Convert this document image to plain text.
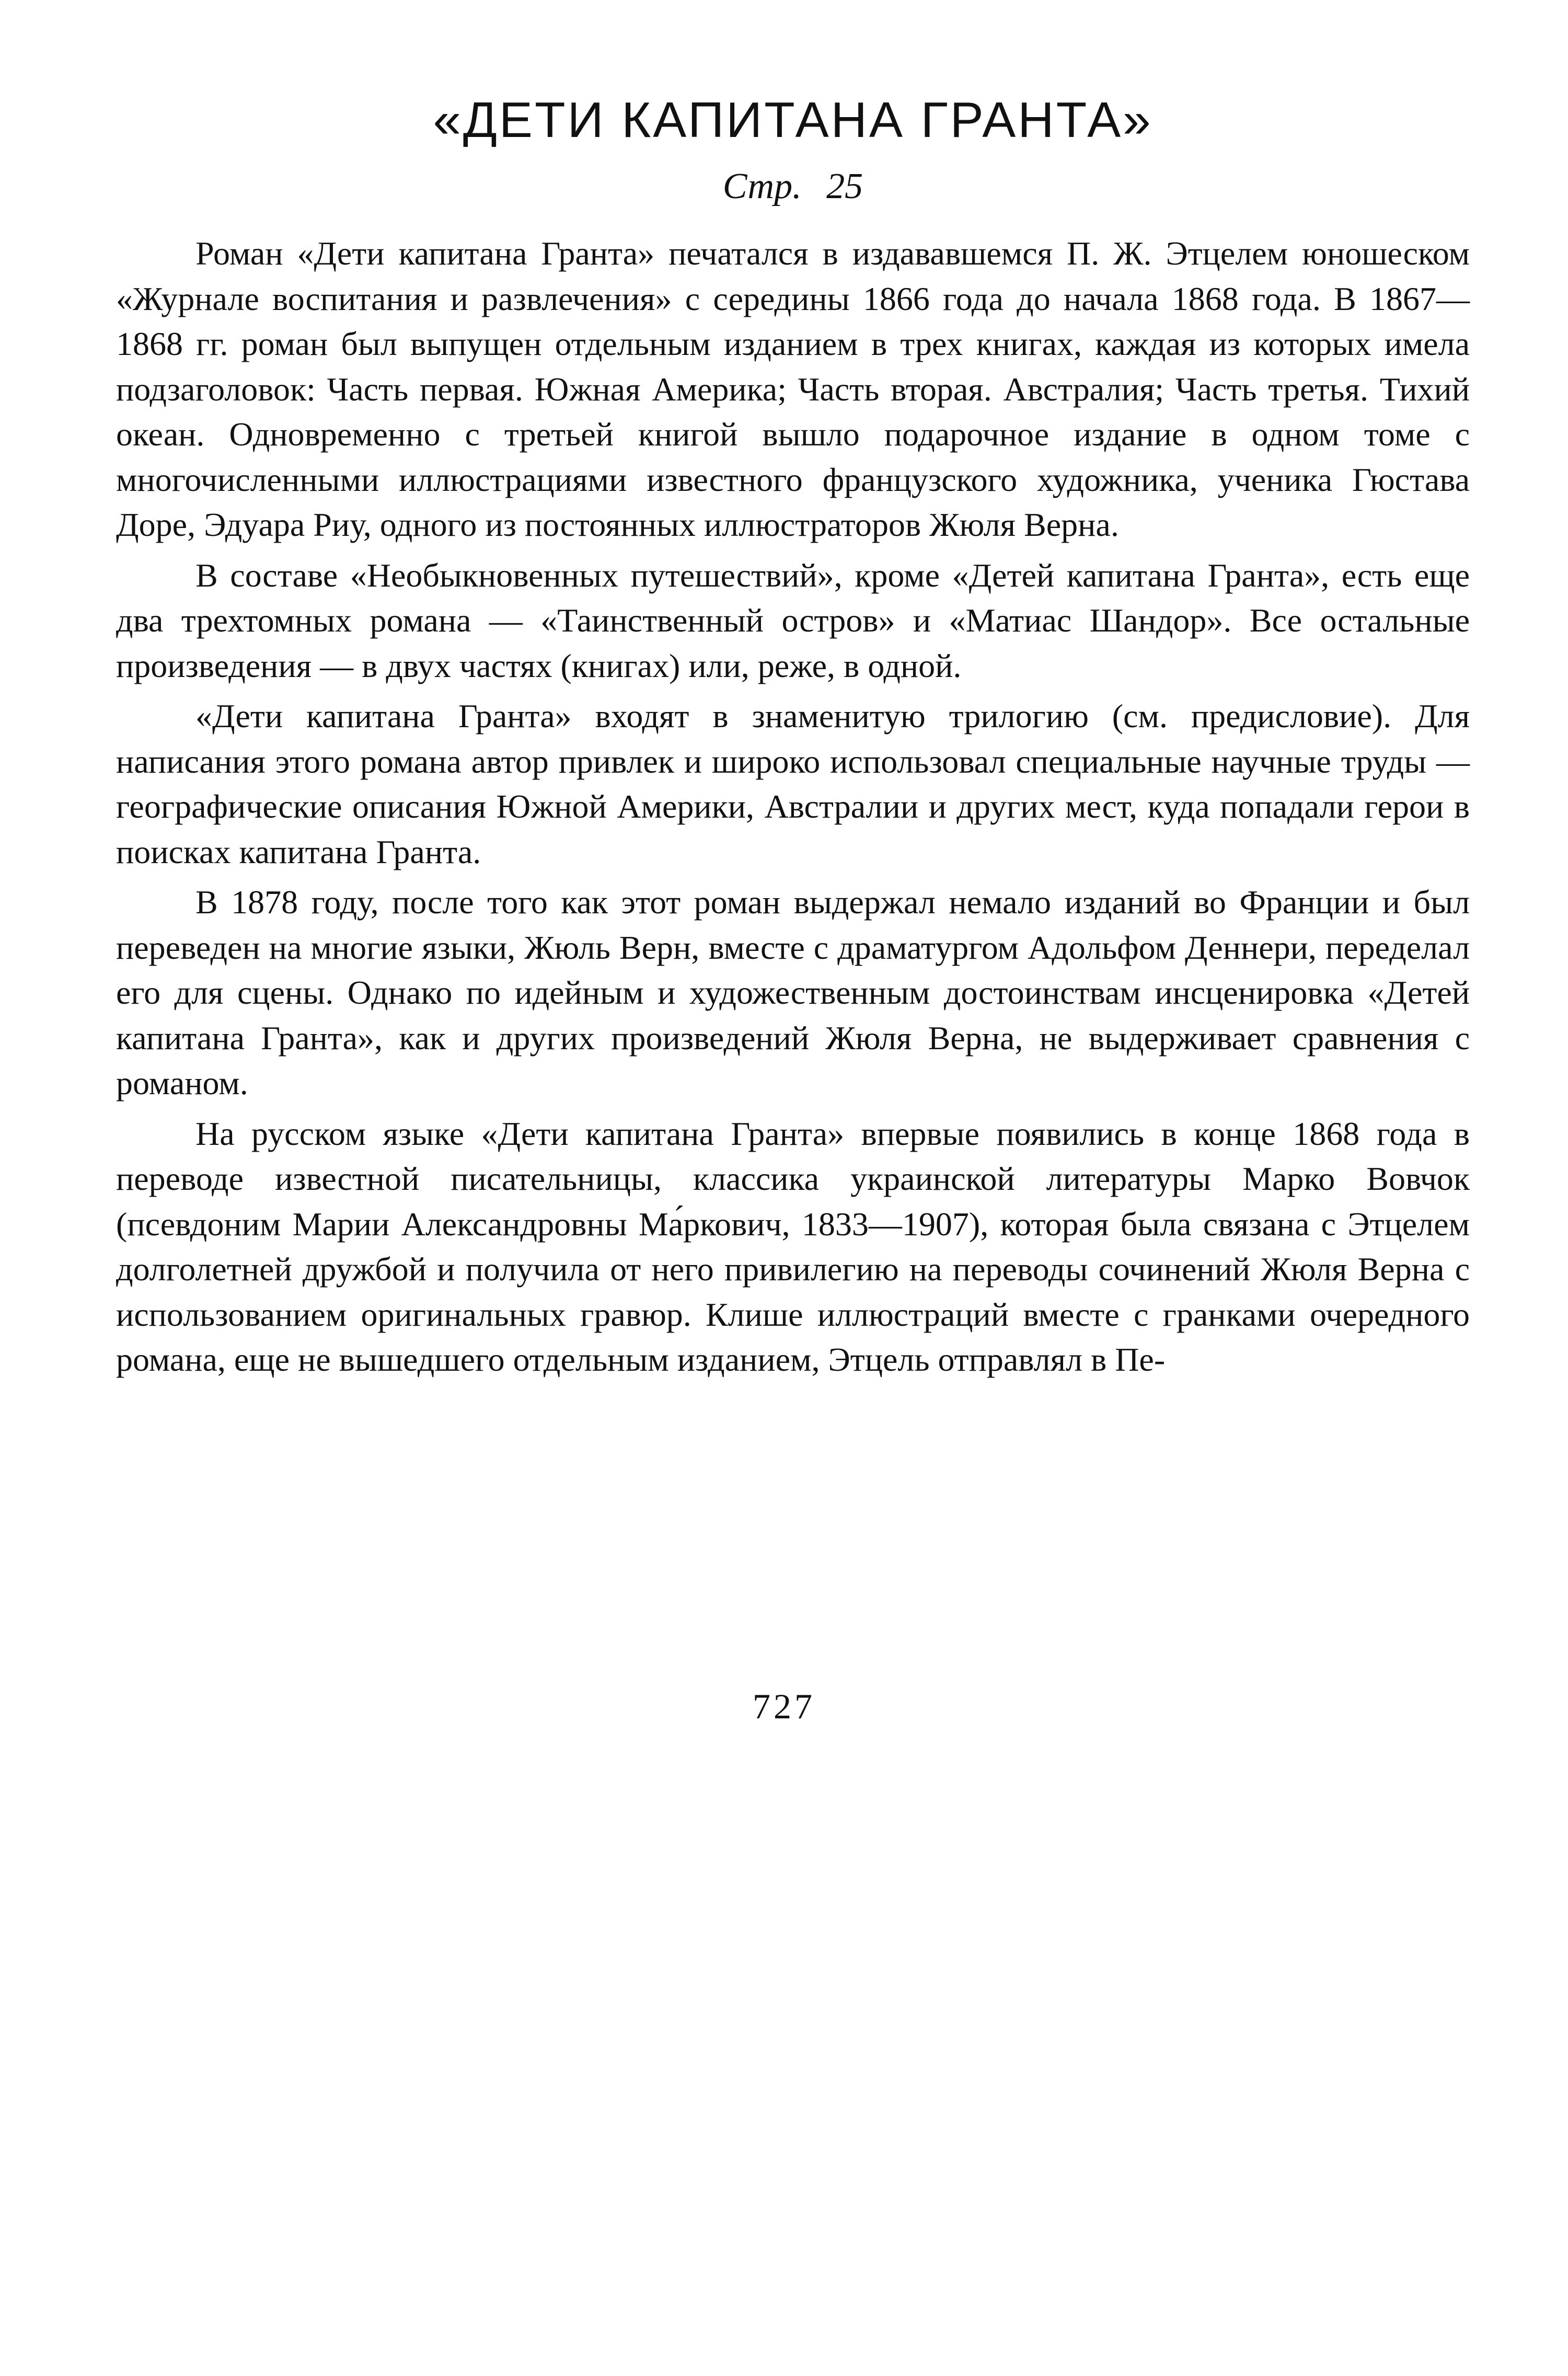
«ДЕТИ КАПИТАНА ГРАНТА»
Стр. 25

Роман «Дети капитана Гранта» печатался в издававшемся П. Ж. Этцелем юношеском «Журнале воспитания и развлечения» с середины 1866 года до начала 1868 года. В 1867—1868 гг. роман был выпущен отдельным изданием в трех книгах, каждая из которых имела подзаголовок: Часть первая. Южная Америка; Часть вторая. Австралия; Часть третья. Тихий океан. Одновременно с третьей книгой вышло подарочное издание в одном томе с многочисленными иллюстрациями известного французского художника, ученика Гюстава Доре, Эдуара Риу, одного из постоянных иллюстраторов Жюля Верна.

В составе «Необыкновенных путешествий», кроме «Детей капитана Гранта», есть еще два трехтомных романа — «Таинственный остров» и «Матиас Шандор». Все остальные произведения — в двух частях (книгах) или, реже, в одной.

«Дети капитана Гранта» входят в знаменитую трилогию (см. предисловие). Для написания этого романа автор привлек и широко использовал специальные научные труды — географические описания Южной Америки, Австралии и других мест, куда попадали герои в поисках капитана Гранта.

В 1878 году, после того как этот роман выдержал немало изданий во Франции и был переведен на многие языки, Жюль Верн, вместе с драматургом Адольфом Деннери, переделал его для сцены. Однако по идейным и художественным достоинствам инсценировка «Детей капитана Гранта», как и других произведений Жюля Верна, не выдерживает сравнения с романом.

На русском языке «Дети капитана Гранта» впервые появились в конце 1868 года в переводе известной писательницы, классика украинской литературы Марко Вовчок (псевдоним Марии Александровны Ма́ркович, 1833—1907), которая была связана с Этцелем долголетней дружбой и получила от него привилегию на переводы сочинений Жюля Верна с использованием оригинальных гравюр. Клише иллюстраций вместе с гранками очередного романа, еще не вышедшего отдельным изданием, Этцель отправлял в Пе-

727
